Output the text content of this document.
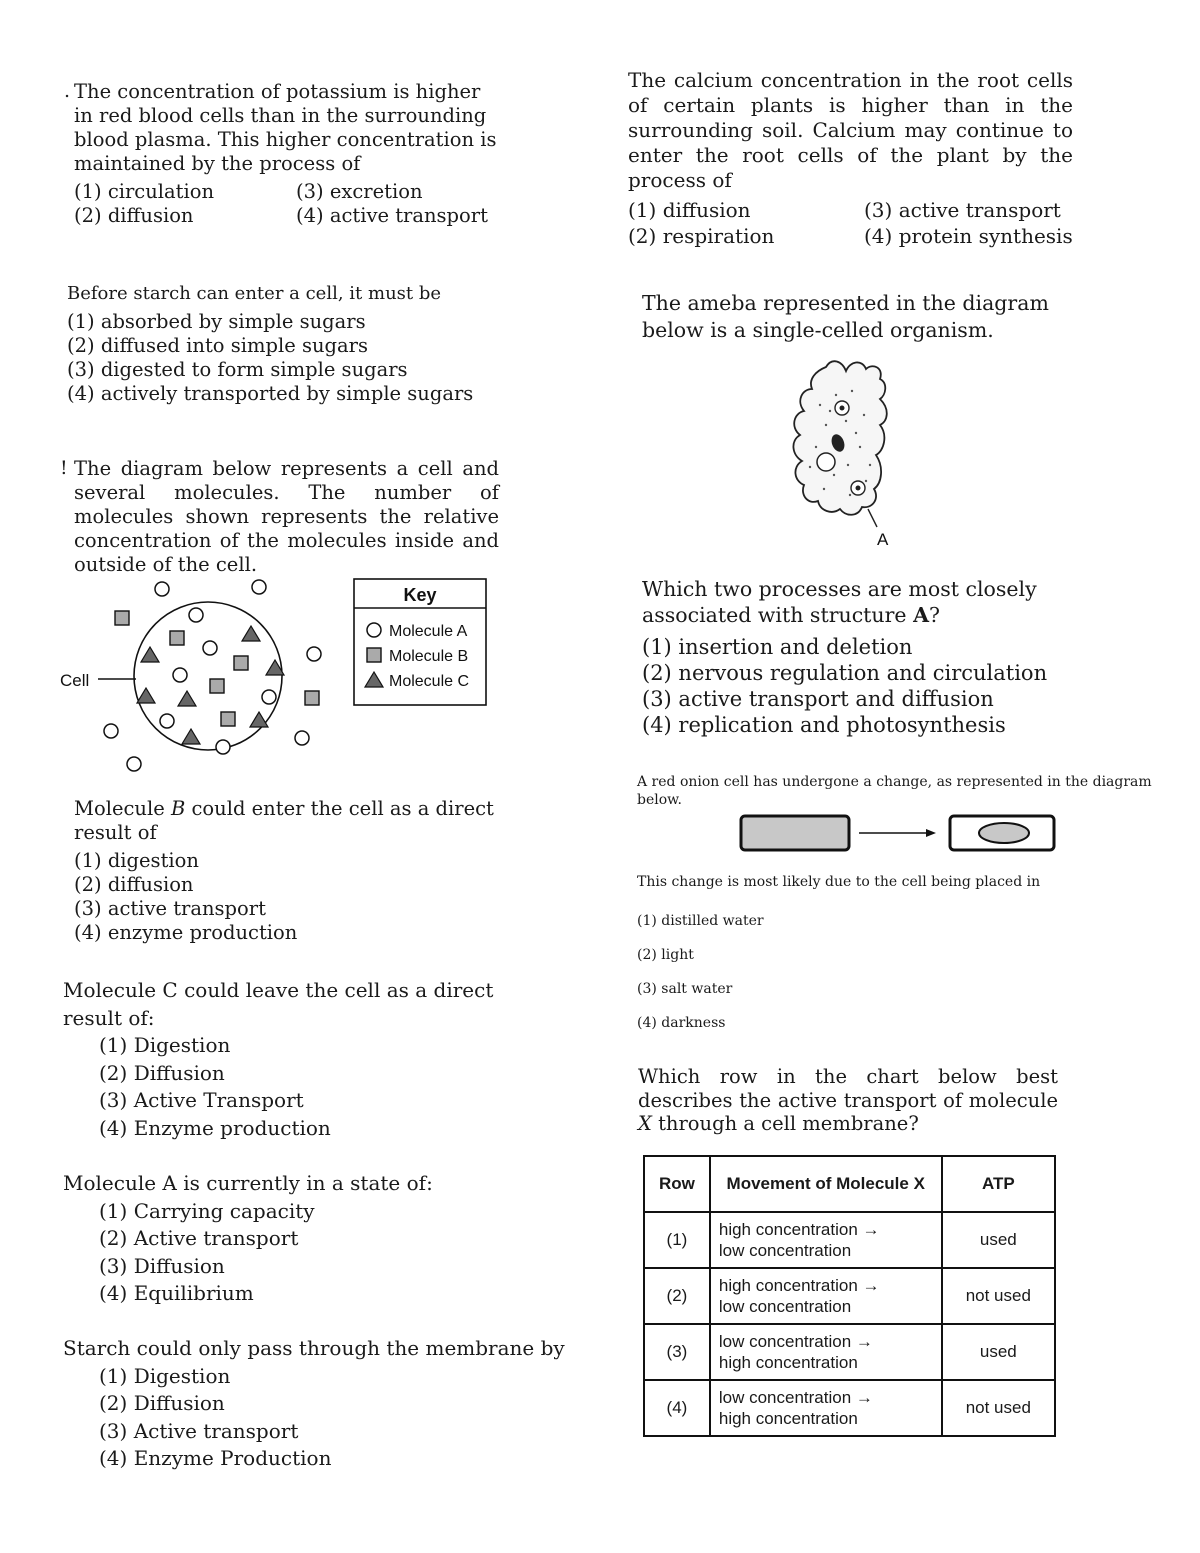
. The concentration of potassium is higher in red blood cells than in the surrounding blood plasma. This higher concentration is maintained by the process of

(1) circulation	(3) excretion
(2) diffusion	(4) active transport

Before starch can enter a cell, it must be

(1) absorbed by simple sugars
(2) diffused into simple sugars
(3) digested to form simple sugars
(4) actively transported by simple sugars
! The diagram below represents a cell and several molecules. The number of molecules shown represents the relative concentration of the molecules inside and outside of the cell.

Cell
Key
Molecule A
Molecule B
Molecule C

Molecule B could enter the cell as a direct result of

(1) digestion
(2) diffusion
(3) active transport
(4) enzyme production
Molecule C could leave the cell as a direct result of:
(1) Digestion
(2) Diffusion
(3) Active Transport
(4) Enzyme production
Molecule A is currently in a state of:
(1) Carrying capacity
(2) Active transport
(3) Diffusion
(4) Equilibrium
Starch could only pass through the membrane by
(1) Digestion
(2) Diffusion
(3) Active transport
(4) Enzyme Production

The calcium concentration in the root cells of certain plants is higher than in the surrounding soil. Calcium may continue to enter the root cells of the plant by the process of

(1) diffusion	(3) active transport
(2) respiration	(4) protein synthesis

The ameba represented in the diagram below is a single-celled organism.

A

Which two processes are most closely associated with structure A?

(1) insertion and deletion
(2) nervous regulation and circulation
(3) active transport and diffusion
(4) replication and photosynthesis
A red onion cell has undergone a change, as represented in the diagram below.
This change is most likely due to the cell being placed in
(1) distilled water
(2) light
(3) salt water
(4) darkness

Which row in the chart below best describes the active transport of molecule X through a cell membrane?

Row	Movement of Molecule X	ATP
(1)	high concentration →
low concentration	used
(2)	high concentration →
low concentration	not used
(3)	low concentration →
high concentration	used
(4)	low concentration →
high concentration	not used
